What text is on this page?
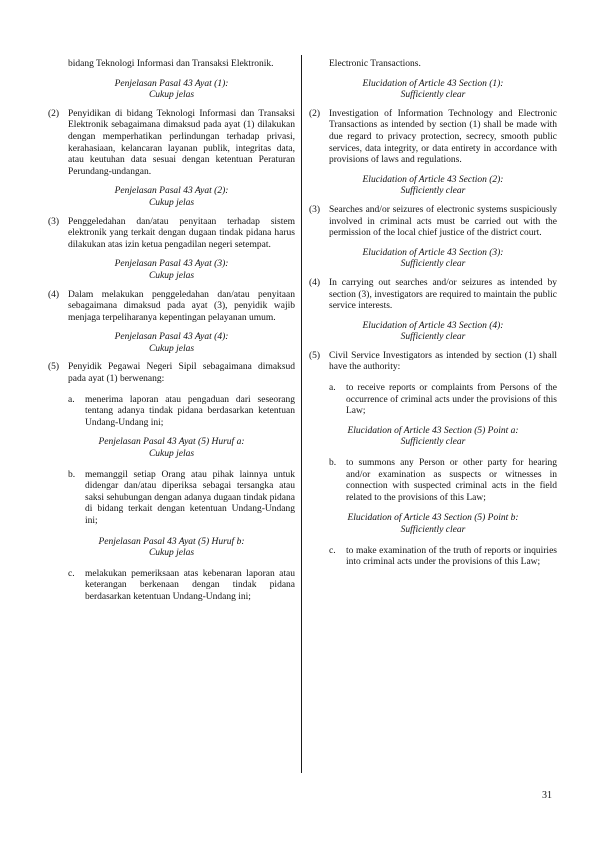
bidang Teknologi Informasi dan Transaksi Elektronik.

Penjelasan Pasal 43 Ayat (1):

Cukup jelas

(2) Penyidikan di bidang Teknologi Informasi dan Transaksi Elektronik sebagaimana dimaksud pada ayat (1) dilakukan dengan memperhatikan perlindungan terhadap privasi, kerahasiaan, kelancaran layanan publik, integritas data, atau keutuhan data sesuai dengan ketentuan Peraturan Perundang-undangan.

Penjelasan Pasal 43 Ayat (2):

Cukup jelas

(3) Penggeledahan dan/atau penyitaan terhadap sistem elektronik yang terkait dengan dugaan tindak pidana harus dilakukan atas izin ketua pengadilan negeri setempat.

Penjelasan Pasal 43 Ayat (3):

Cukup jelas

(4) Dalam melakukan penggeledahan dan/atau penyitaan sebagaimana dimaksud pada ayat (3), penyidik wajib menjaga terpeliharanya kepentingan pelayanan umum.

Penjelasan Pasal 43 Ayat (4):

Cukup jelas

(5) Penyidik Pegawai Negeri Sipil sebagaimana dimaksud pada ayat (1) berwenang:
a.	menerima laporan atau pengaduan dari seseorang tentang adanya tindak pidana berdasarkan ketentuan Undang-Undang ini;

Penjelasan Pasal 43 Ayat (5) Huruf a:

Cukup jelas

b.	memanggil setiap Orang atau pihak lainnya untuk didengar dan/atau diperiksa sebagai tersangka atau saksi sehubungan dengan adanya dugaan tindak pidana di bidang terkait dengan ketentuan Undang-Undang ini;

Penjelasan Pasal 43 Ayat (5) Huruf b:

Cukup jelas

c.	melakukan pemeriksaan atas kebenaran laporan atau keterangan berkenaan dengan tindak pidana berdasarkan ketentuan Undang-Undang ini;

Electronic Transactions.

Elucidation of Article 43 Section (1):

Sufficiently clear

(2) Investigation of Information Technology and Electronic Transactions as intended by section (1) shall be made with due regard to privacy protection, secrecy, smooth public services, data integrity, or data entirety in accordance with provisions of laws and regulations.

Elucidation of Article 43 Section (2):

Sufficiently clear

(3) Searches and/or seizures of electronic systems suspiciously involved in criminal acts must be carried out with the permission of the local chief justice of the district court.

Elucidation of Article 43 Section (3):

Sufficiently clear

(4) In carrying out searches and/or seizures as intended by section (3), investigators are required to maintain the public service interests.

Elucidation of Article 43 Section (4):

Sufficiently clear

(5) Civil Service Investigators as intended by section (1) shall have the authority:
a.	to receive reports or complaints from Persons of the occurrence of criminal acts under the provisions of this Law;

Elucidation of Article 43 Section (5) Point a:

Sufficiently clear

b.	to summons any Person or other party for hearing and/or examination as suspects or witnesses in connection with suspected criminal acts in the field related to the provisions of this Law;

Elucidation of Article 43 Section (5) Point b:

Sufficiently clear

c.	to make examination of the truth of reports or inquiries into criminal acts under the provisions of this Law;
31
